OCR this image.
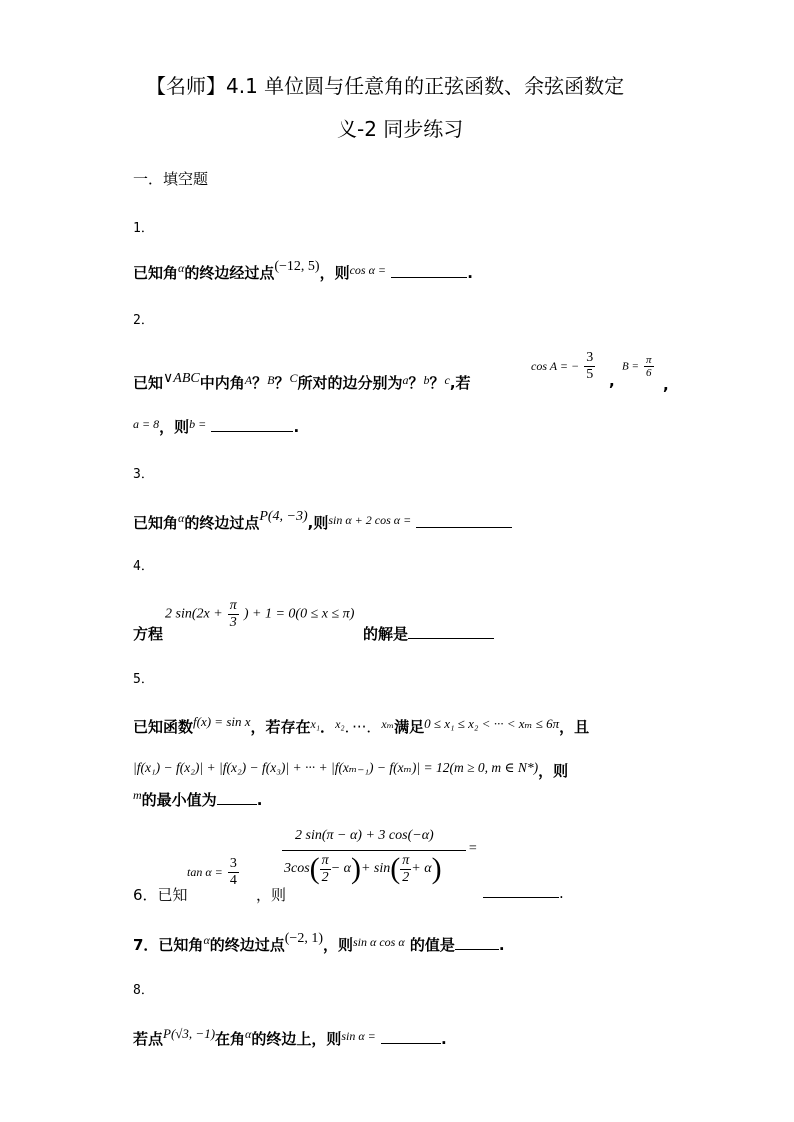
【名师】4.1 单位圆与任意角的正弦函数、余弦函数定
义-2 同步练习
一．填空题
1．
已知角$^\alpha$的终边经过点(−12, 5)，则$^{cos \alpha =}$	.
2．
已知∨ABC中内角$^A$？$^B$？$^C$所对的边分别为$^a$？$^b$？$^c$,若
cos A = − $\frac{3}{5}$ ,
$B = \frac{\pi}{6}$
,
$^{a = 8}$，则$^{b =}$	.
3．
已知角$^\alpha$的终边过点P(4, −3),则$^{sin \alpha + 2 cos \alpha =}$
4．
2 $\sin(2x + \frac{\pi}{3}$ ) + 1 = 0(0 ≤ x ≤ π)
方程	的解是
5．
已知函数f(x) = sin x，若存在$^{x_1}$．$^{x_2}$．···．$^{x_m}$满足0 ≤ x₁ ≤ x₂ < ··· < xₘ ≤ 6π，且
|f(x₁) − f(x₂)| + |f(x₂) − f(x₃)| + ··· + |f(xₘ₋₁) − f(xₘ)| = 12(m ≥ 0, m ∈ N*)，则
$^m$的最小值为	.
2 sin(π − α) + 3 cos(−α)
=
$3\cos( \frac{\pi}{2} - \alpha)+ \sin( \frac{\pi}{2} + \alpha)$
6．已知
$\tan \alpha = \frac{3}{4}$
，则	.
7．已知角$^\alpha$的终边过点(−2, 1)，则$^{sin \alpha cos \alpha}$ 的值是	.
8．
若点P(√3, −1)在角$^\alpha$的终边上，则$^{sin \alpha =}$	.
